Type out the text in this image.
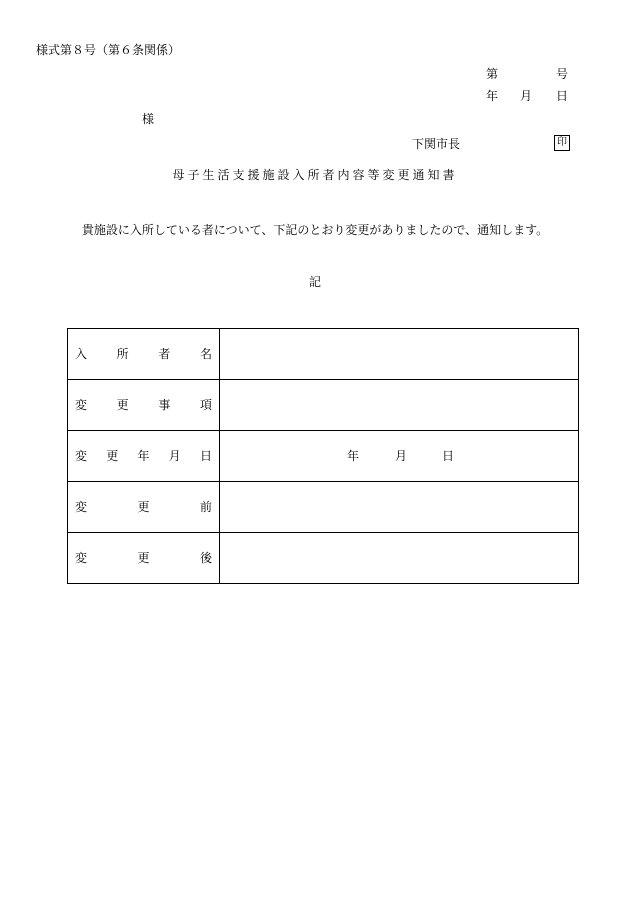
様式第８号（第６条関係）
第	号
年 月 日
様
下関市長	印
母子生活支援施設入所者内容等変更通知書
貴施設に入所している者について、下記のとおり変更がありましたので、通知します。
記
入 所 者 名	

変 更 事 項	

変 更 年 月 日	年 月 日

変 更 前	

変 更 後	
